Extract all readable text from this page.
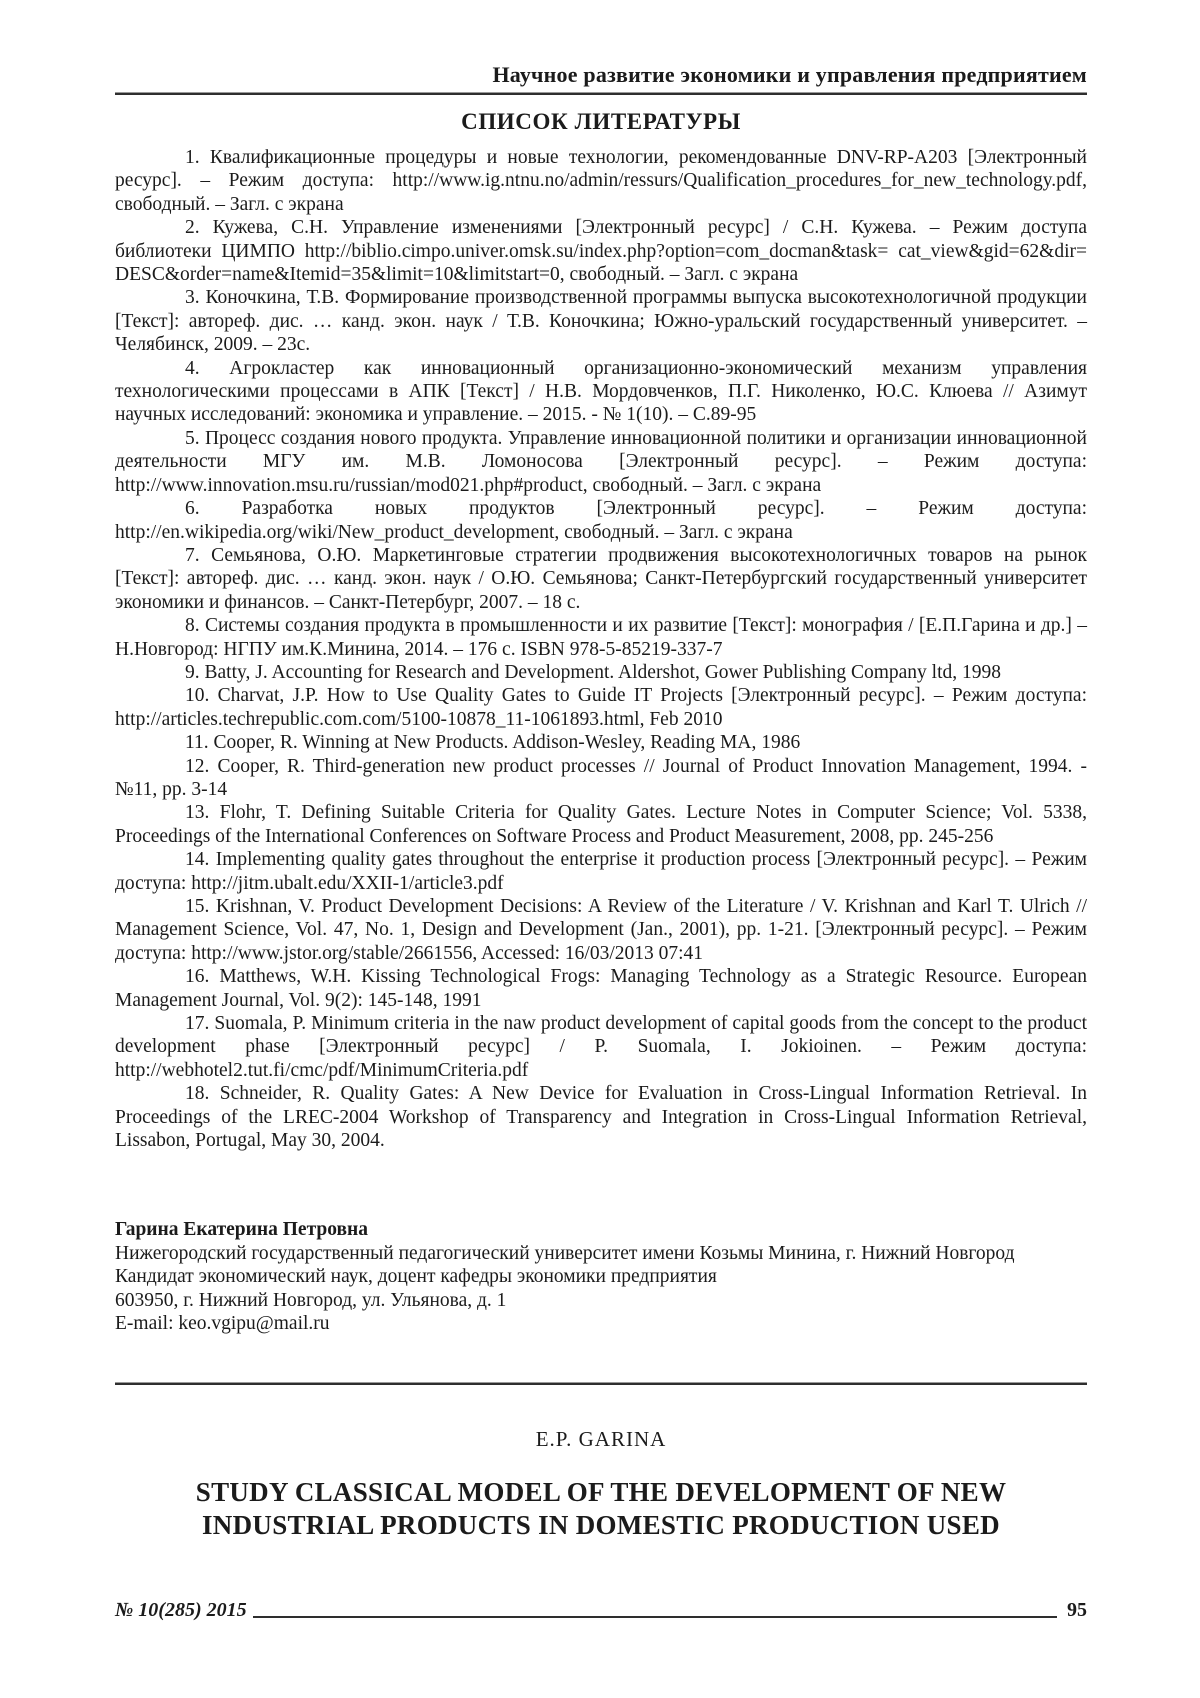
Научное развитие экономики и управления предприятием
СПИСОК ЛИТЕРАТУРЫ

1. Квалификационные процедуры и новые технологии, рекомендованные DNV-RP-A203 [Электронный ресурс]. – Режим доступа: http://www.ig.ntnu.no/admin/ressurs/Qualification_procedures_for_new_technology.pdf, свободный. – Загл. с экрана

2. Кужева, С.Н. Управление изменениями [Электронный ресурс] / С.Н. Кужева. – Режим доступа библиотеки ЦИМПО http://biblio.cimpo.univer.omsk.su/index.php?option=com_docman&task= cat_view&gid=62&dir= DESC&order=name&Itemid=35&limit=10&limitstart=0, свободный. – Загл. с экрана

3. Коночкина, Т.В. Формирование производственной программы выпуска высокотехнологичной продукции [Текст]: автореф. дис. … канд. экон. наук / Т.В. Коночкина; Южно-уральский государственный университет. – Челябинск, 2009. – 23с.

4. Агрокластер как инновационный организационно-экономический механизм управления технологическими процессами в АПК [Текст] / Н.В. Мордовченков, П.Г. Николенко, Ю.С. Клюева // Азимут научных исследований: экономика и управление. – 2015. - № 1(10). – С.89-95

5. Процесс создания нового продукта. Управление инновационной политики и организации инновационной деятельности МГУ им. М.В. Ломоносова [Электронный ресурс]. – Режим доступа: http://www.innovation.msu.ru/russian/mod021.php#product, свободный. – Загл. с экрана

6. Разработка новых продуктов [Электронный ресурс]. – Режим доступа: http://en.wikipedia.org/wiki/New_product_development, свободный. – Загл. с экрана

7. Семьянова, О.Ю. Маркетинговые стратегии продвижения высокотехнологичных товаров на рынок [Текст]: автореф. дис. … канд. экон. наук / О.Ю. Семьянова; Санкт-Петербургский государственный университет экономики и финансов. – Санкт-Петербург, 2007. – 18 с.

8. Системы создания продукта в промышленности и их развитие [Текст]: монография / [Е.П.Гарина и др.] – Н.Новгород: НГПУ им.К.Минина, 2014. – 176 с. ISBN 978-5-85219-337-7

9. Batty, J. Accounting for Research and Development. Aldershot, Gower Publishing Company ltd, 1998

10. Charvat, J.P. How to Use Quality Gates to Guide IT Projects [Электронный ресурс]. – Режим доступа: http://articles.techrepublic.com.com/5100-10878_11-1061893.html, Feb 2010

11. Cooper, R. Winning at New Products. Addison-Wesley, Reading MA, 1986

12. Cooper, R. Third-generation new product processes // Journal of Product Innovation Management, 1994. - №11, pp. 3-14

13. Flohr, T. Defining Suitable Criteria for Quality Gates. Lecture Notes in Computer Science; Vol. 5338, Proceedings of the International Conferences on Software Process and Product Measurement, 2008, pp. 245-256

14. Implementing quality gates throughout the enterprise it production process [Электронный ресурс]. – Режим доступа: http://jitm.ubalt.edu/XXII-1/article3.pdf

15. Krishnan, V. Product Development Decisions: A Review of the Literature / V. Krishnan and Karl T. Ulrich // Management Science, Vol. 47, No. 1, Design and Development (Jan., 2001), pp. 1-21. [Электронный ресурс]. – Режим доступа: http://www.jstor.org/stable/2661556, Accessed: 16/03/2013 07:41

16. Matthews, W.H. Kissing Technological Frogs: Managing Technology as a Strategic Resource. European Management Journal, Vol. 9(2): 145-148, 1991

17. Suomala, P. Minimum criteria in the naw product development of capital goods from the concept to the product development phase [Электронный ресурс] / P. Suomala, I. Jokioinen. – Режим доступа: http://webhotel2.tut.fi/cmc/pdf/MinimumCriteria.pdf

18. Schneider, R. Quality Gates: A New Device for Evaluation in Cross-Lingual Information Retrieval. In Proceedings of the LREC-2004 Workshop of Transparency and Integration in Cross-Lingual Information Retrieval, Lissabon, Portugal, May 30, 2004.

Гарина Екатерина Петровна

Нижегородский государственный педагогический университет имени Козьмы Минина, г. Нижний Новгород

Кандидат экономический наук, доцент кафедры экономики предприятия

603950, г. Нижний Новгород, ул. Ульянова, д. 1

E-mail: keo.vgipu@mail.ru

E.P. GARINA
STUDY CLASSICAL MODEL OF THE DEVELOPMENT OF NEW
INDUSTRIAL PRODUCTS IN DOMESTIC PRODUCTION USED
№ 10(285) 2015	95
